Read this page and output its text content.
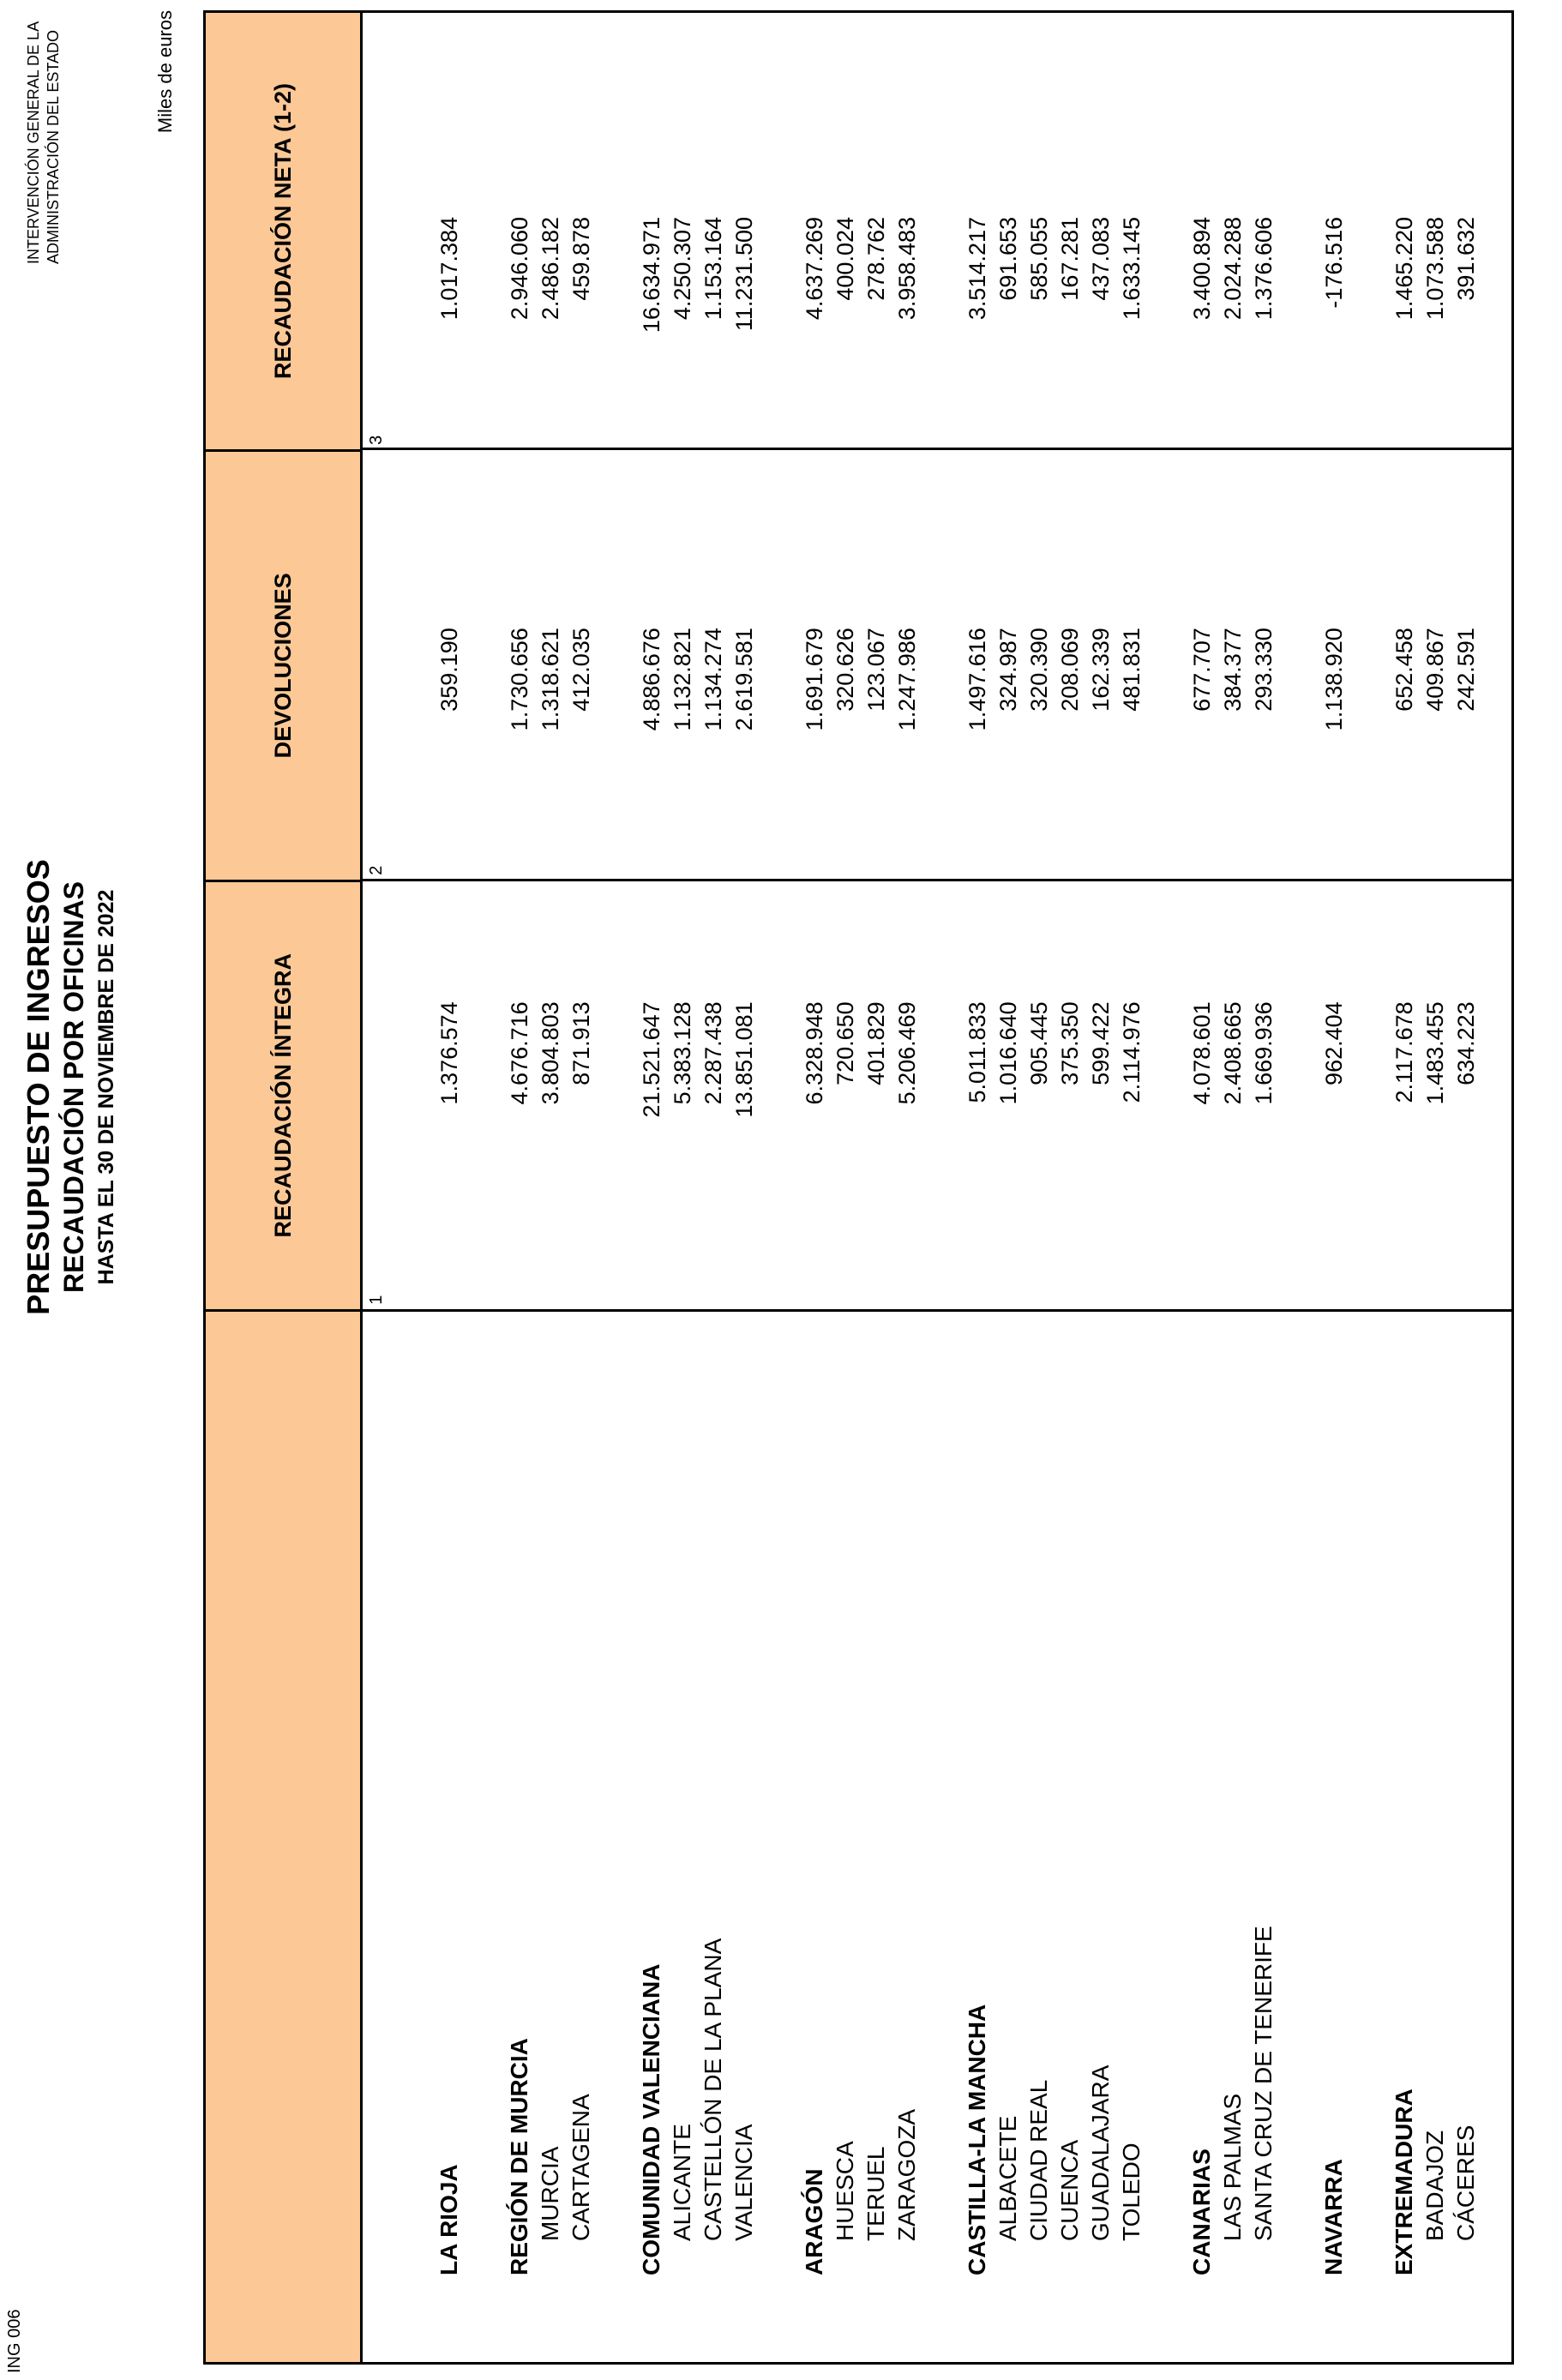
ING 006
INTERVENCIÓN GENERAL DE LA ADMINISTRACIÓN DEL ESTADO
PRESUPUESTO DE INGRESOS RECAUDACIÓN POR OFICINAS HASTA EL 30 DE NOVIEMBRE DE 2022
Miles de euros
RECAUDACIÓN ÍNTEGRA
DEVOLUCIONES
RECAUDACIÓN NETA (1-2)
1
2
3
LA RIOJA
1.376.574
359.190
1.017.384
REGIÓN DE MURCIA
4.676.716
1.730.656
2.946.060
MURCIA
3.804.803
1.318.621
2.486.182
CARTAGENA
871.913
412.035
459.878
COMUNIDAD VALENCIANA
21.521.647
4.886.676
16.634.971
ALICANTE
5.383.128
1.132.821
4.250.307
CASTELLÓN DE LA PLANA
2.287.438
1.134.274
1.153.164
VALENCIA
13.851.081
2.619.581
11.231.500
ARAGÓN
6.328.948
1.691.679
4.637.269
HUESCA
720.650
320.626
400.024
TERUEL
401.829
123.067
278.762
ZARAGOZA
5.206.469
1.247.986
3.958.483
CASTILLA-LA MANCHA
5.011.833
1.497.616
3.514.217
ALBACETE
1.016.640
324.987
691.653
CIUDAD REAL
905.445
320.390
585.055
CUENCA
375.350
208.069
167.281
GUADALAJARA
599.422
162.339
437.083
TOLEDO
2.114.976
481.831
1.633.145
CANARIAS
4.078.601
677.707
3.400.894
LAS PALMAS
2.408.665
384.377
2.024.288
SANTA CRUZ DE TENERIFE
1.669.936
293.330
1.376.606
NAVARRA
962.404
1.138.920
-176.516
EXTREMADURA
2.117.678
652.458
1.465.220
BADAJOZ
1.483.455
409.867
1.073.588
CÁCERES
634.223
242.591
391.632
